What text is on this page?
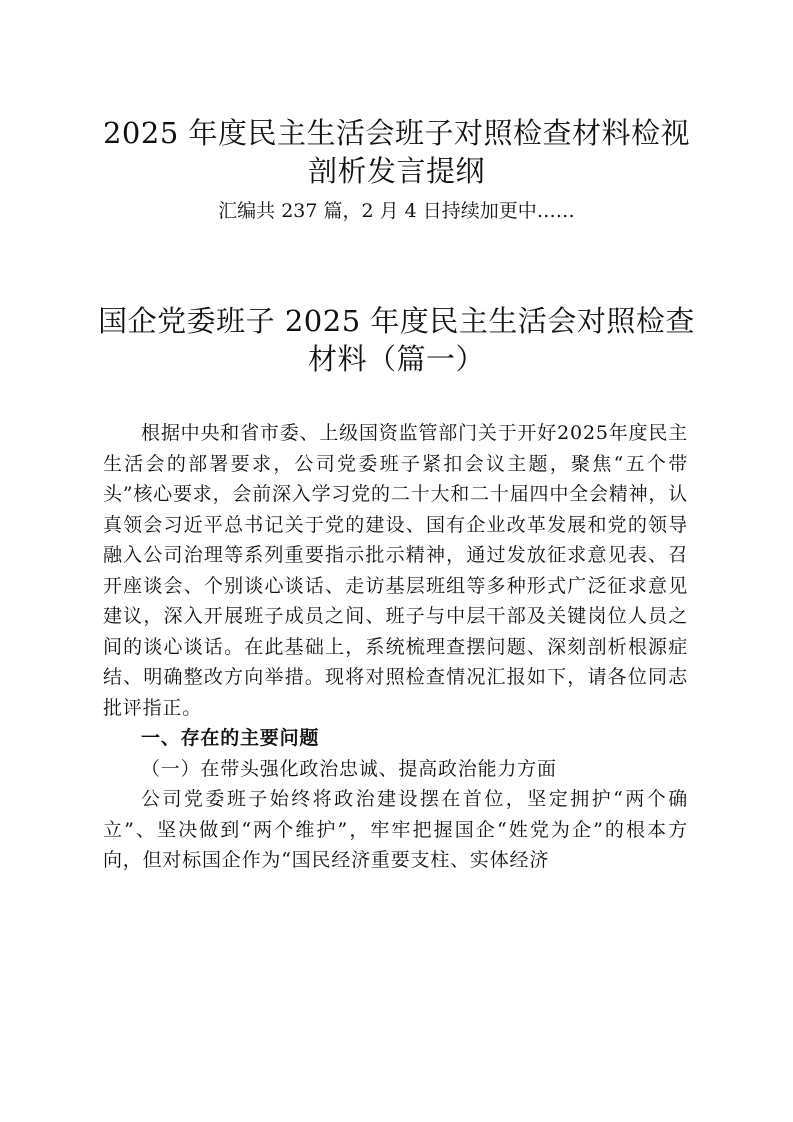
2025 年度民主生活会班子对照检查材料检视
剖析发言提纲

汇编共 237 篇，2 月 4 日持续加更中……

国企党委班子 2025 年度民主生活会对照检查
材料（篇一）

根据中央和省市委、上级国资监管部门关于开好2025年度民主生活会的部署要求，公司党委班子紧扣会议主题，聚焦“五个带头”核心要求，会前深入学习党的二十大和二十届四中全会精神，认真领会习近平总书记关于党的建设、国有企业改革发展和党的领导融入公司治理等系列重要指示批示精神，通过发放征求意见表、召开座谈会、个别谈心谈话、走访基层班组等多种形式广泛征求意见建议，深入开展班子成员之间、班子与中层干部及关键岗位人员之间的谈心谈话。在此基础上，系统梳理查摆问题、深刻剖析根源症结、明确整改方向举措。现将对照检查情况汇报如下，请各位同志批评指正。

一、存在的主要问题

（一）在带头强化政治忠诚、提高政治能力方面

公司党委班子始终将政治建设摆在首位，坚定拥护“两个确立”、坚决做到“两个维护”，牢牢把握国企“姓党为企”的根本方向，但对标国企作为“国民经济重要支柱、实体经济
